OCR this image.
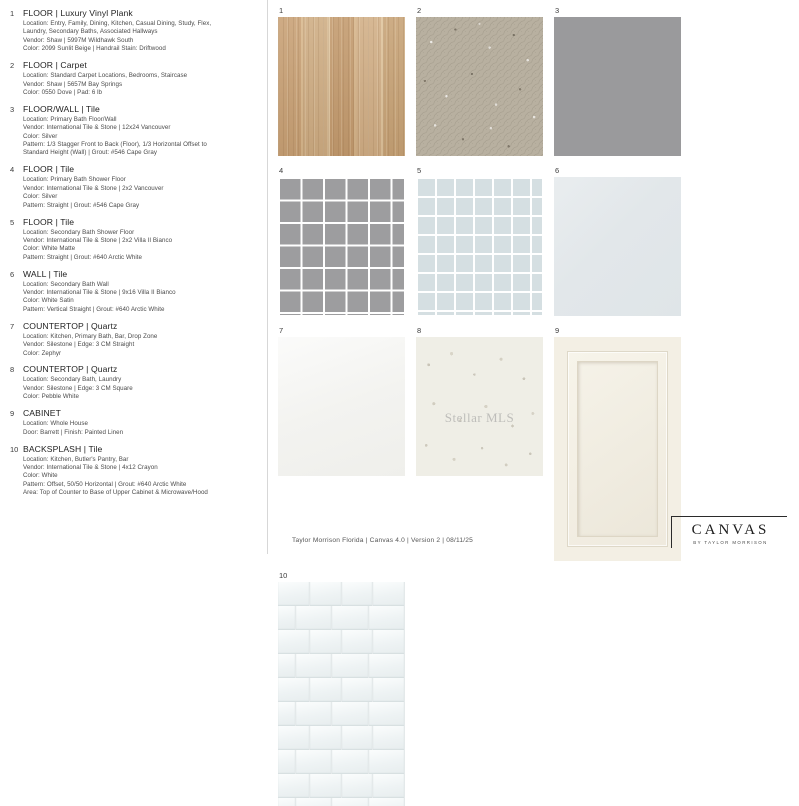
1	FLOOR | Luxury Vinyl Plank
Location: Entry, Family, Dining, Kitchen, Casual Dining, Study, Flex,
Laundry, Secondary Baths, Associated Hallways
Vendor: Shaw | 5997M Wildhawk South
Color: 2099 Sunlit Beige | Handrail Stain: Driftwood
2	FLOOR | Carpet
Location: Standard Carpet Locations, Bedrooms, Staircase
Vendor: Shaw | 5657M Bay Springs
Color: 0550 Dove | Pad: 6 lb
3	FLOOR/WALL | Tile
Location: Primary Bath Floor/Wall
Vendor: International Tile & Stone | 12x24 Vancouver
Color: Silver
Pattern: 1/3 Stagger Front to Back (Floor), 1/3 Horizontal Offset to
Standard Height (Wall) | Grout: #546 Cape Gray
4	FLOOR | Tile
Location: Primary Bath Shower Floor
Vendor: International Tile & Stone | 2x2 Vancouver
Color: Silver
Pattern: Straight | Grout: #546 Cape Gray
5	FLOOR | Tile
Location: Secondary Bath Shower Floor
Vendor: International Tile & Stone | 2x2 Villa II Bianco
Color: White Matte
Pattern: Straight | Grout: #640 Arctic White
6	WALL | Tile
Location: Secondary Bath Wall
Vendor: International Tile & Stone | 9x16 Villa II Bianco
Color: White Satin
Pattern: Vertical Straight | Grout: #640 Arctic White
7	COUNTERTOP | Quartz
Location: Kitchen, Primary Bath, Bar, Drop Zone
Vendor: Silestone | Edge: 3 CM Straight
Color: Zephyr
8	COUNTERTOP | Quartz
Location: Secondary Bath, Laundry
Vendor: Silestone | Edge: 3 CM Square
Color: Pebble White
9	CABINET
Location: Whole House
Door: Barrett | Finish: Painted Linen
10 BACKSPLASH | Tile
Location: Kitchen, Butler's Pantry, Bar
Vendor: International Tile & Stone | 4x12 Crayon
Color: White
Pattern: Offset, 50/50 Horizontal | Grout: #640 Arctic White
Area: Top of Counter to Base of Upper Cabinet & Microwave/Hood
1	2	3
4	5	6
7	8
Stellar MLS
9
10
Taylor Morrison Florida | Canvas 4.0 | Version 2 | 08/11/25
CANVAS
BY TAYLOR MORRISON
